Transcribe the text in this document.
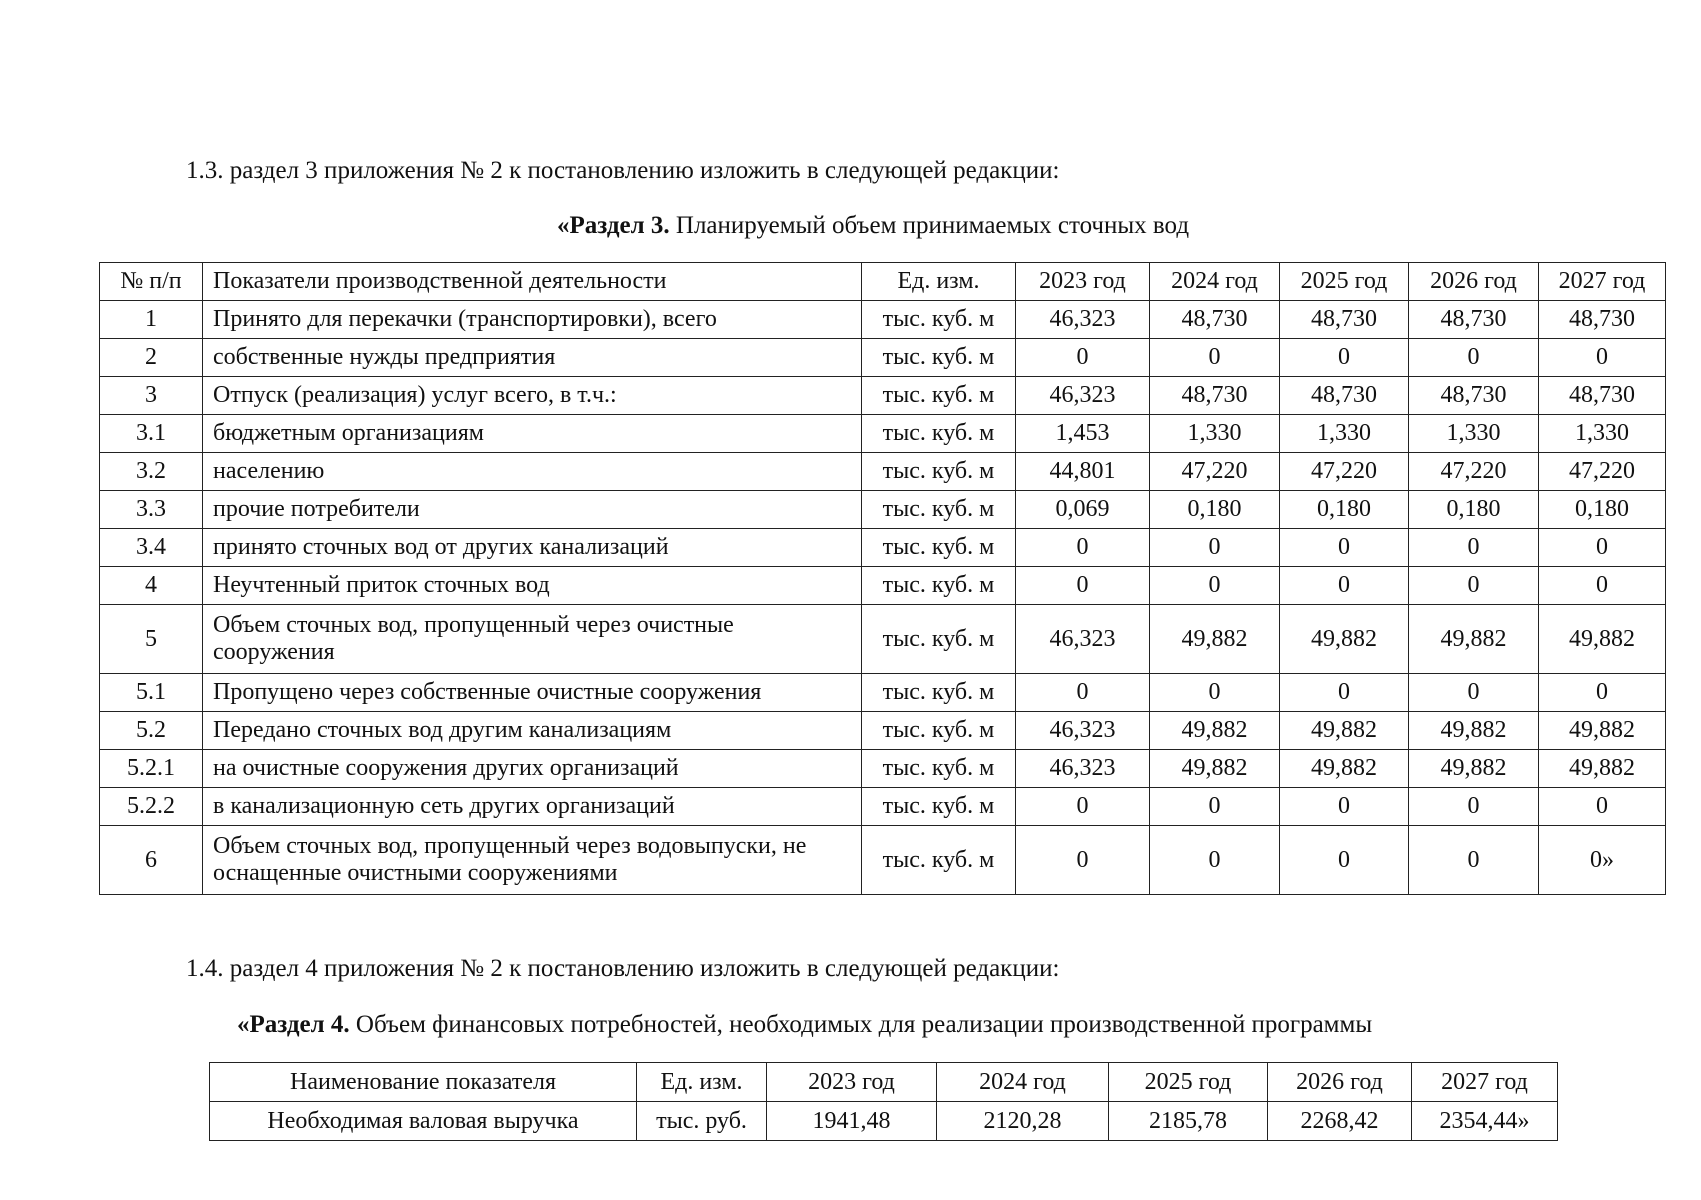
1.3. раздел 3 приложения № 2 к постановлению изложить в следующей редакции:
«Раздел 3. Планируемый объем принимаемых сточных вод
№ п/п	Показатели производственной деятельности	Ед. изм.	2023 год	2024 год	2025 год	2026 год	2027 год
1	Принято для перекачки (транспортировки), всего	тыс. куб. м	46,323	48,730	48,730	48,730	48,730
2	собственные нужды предприятия	тыс. куб. м	0	0	0	0	0
3	Отпуск (реализация) услуг всего, в т.ч.:	тыс. куб. м	46,323	48,730	48,730	48,730	48,730
3.1	бюджетным организациям	тыс. куб. м	1,453	1,330	1,330	1,330	1,330
3.2	населению	тыс. куб. м	44,801	47,220	47,220	47,220	47,220
3.3	прочие потребители	тыс. куб. м	0,069	0,180	0,180	0,180	0,180
3.4	принято сточных вод от других канализаций	тыс. куб. м	0	0	0	0	0
4	Неучтенный приток сточных вод	тыс. куб. м	0	0	0	0	0
5	Объем сточных вод, пропущенный через очистные сооружения	тыс. куб. м	46,323	49,882	49,882	49,882	49,882
5.1	Пропущено через собственные очистные сооружения	тыс. куб. м	0	0	0	0	0
5.2	Передано сточных вод другим канализациям	тыс. куб. м	46,323	49,882	49,882	49,882	49,882
5.2.1	на очистные сооружения других организаций	тыс. куб. м	46,323	49,882	49,882	49,882	49,882
5.2.2	в канализационную сеть других организаций	тыс. куб. м	0	0	0	0	0
6	Объем сточных вод, пропущенный через водовыпуски, не оснащенные очистными сооружениями	тыс. куб. м	0	0	0	0	0»
1.4. раздел 4 приложения № 2 к постановлению изложить в следующей редакции:
«Раздел 4. Объем финансовых потребностей, необходимых для реализации производственной программы
Наименование показателя	Ед. изм.	2023 год	2024 год	2025 год	2026 год	2027 год
Необходимая валовая выручка	тыс. руб.	1941,48	2120,28	2185,78	2268,42	2354,44»
